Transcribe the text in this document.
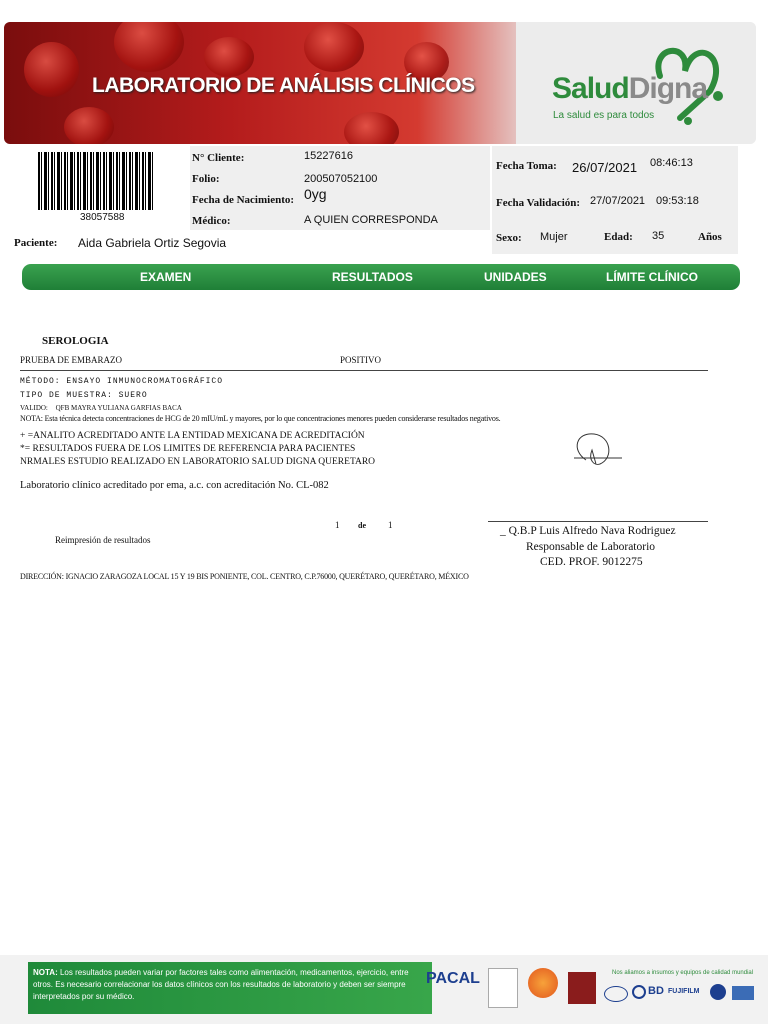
LABORATORIO DE ANÁLISIS CLÍNICOS	SaludDigna
La salud es para todos
38057588
N° Cliente:	15227616
Folio:	200507052100
Fecha de Nacimiento: 0yg
Médico:	A QUIEN CORRESPONDA
Paciente: Aida Gabriela Ortiz Segovia
Fecha Toma: 26/07/2021 08:46:13
Fecha Validación: 27/07/2021 09:53:18
Sexo: Mujer	Edad: 35	Años
EXAMEN	RESULTADOS	UNIDADES	LÍMITE CLÍNICO
SEROLOGIA
PRUEBA DE EMBARAZO	POSITIVO
MÉTODO: ENSAYO INMUNOCROMATOGRÁFICO
TIPO DE MUESTRA: SUERO
VALIDO: QFB MAYRA YULIANA GARFIAS BACA
NOTA: Esta técnica detecta concentraciones de HCG de 20 mIU/mL y mayores, por lo que concentraciones menores pueden considerarse resultados negativos.
+ =ANALITO ACREDITADO ANTE LA ENTIDAD MEXICANA DE ACREDITACIÓN
*= RESULTADOS FUERA DE LOS LIMITES DE REFERENCIA PARA PACIENTES
NRMALES ESTUDIO REALIZADO EN LABORATORIO SALUD DIGNA QUERETARO
Laboratorio clínico acreditado por ema, a.c. con acreditación No. CL-082
Reimpresión de resultados
1 de 1	_ Q.B.P Luis Alfredo Nava Rodriguez
Responsable de Laboratorio
CED. PROF. 9012275
DIRECCIÓN: IGNACIO ZARAGOZA LOCAL 15 Y 19 BIS PONIENTE, COL. CENTRO, C.P.76000, QUERÉTARO, QUERÉTARO, MÉXICO
NOTA: Los resultados pueden variar por factores tales como alimentación, medicamentos, ejercicio, entre otros. Es necesario correlacionar los datos clínicos con los resultados de laboratorio y deben ser siempre interpretados por su médico.
PACAL	Nos aliamos a insumos y equipos de calidad mundial
BD FUJIFILM
